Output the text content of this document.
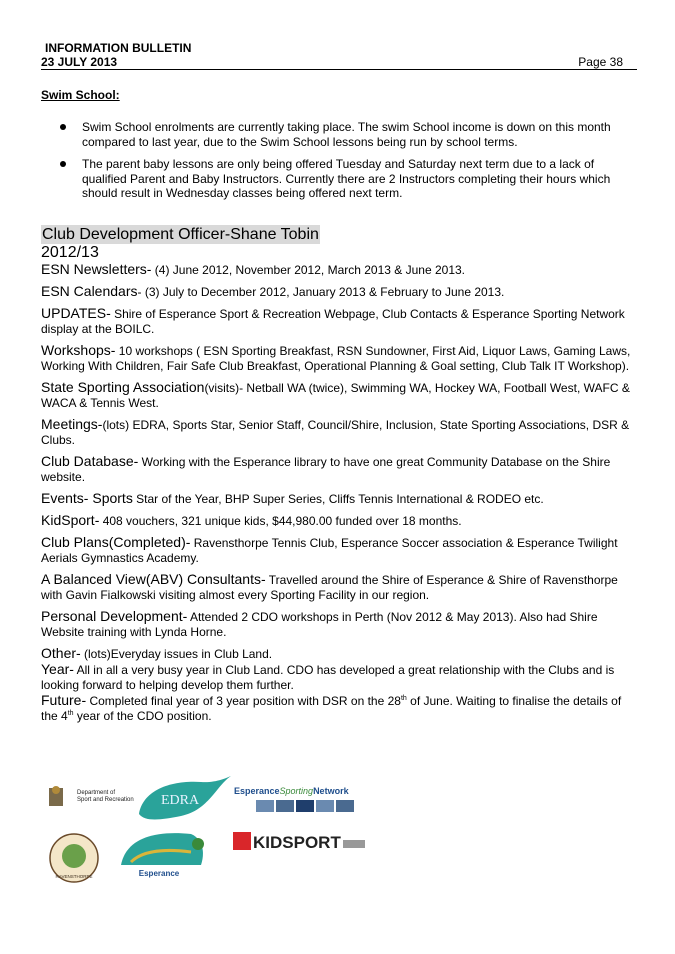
INFORMATION BULLETIN
23 JULY 2013	Page 38
Swim School:
Swim School enrolments are currently taking place. The swim School income is down on this month compared to last year, due to the Swim School lessons being run by school terms.
The parent baby lessons are only being offered Tuesday and Saturday next term due to a lack of qualified Parent and Baby Instructors. Currently there are 2 Instructors completing their hours which should result in Wednesday classes being offered next term.
Club Development Officer-Shane Tobin
2012/13
ESN Newsletters- (4) June 2012, November 2012, March 2013 & June 2013.
ESN Calendars- (3) July to December 2012, January 2013 & February to June 2013.
UPDATES- Shire of Esperance Sport & Recreation Webpage, Club Contacts & Esperance Sporting Network display at the BOILC.
Workshops- 10 workshops ( ESN Sporting Breakfast, RSN Sundowner, First Aid, Liquor Laws, Gaming Laws, Working With Children, Fair Safe Club Breakfast, Operational Planning & Goal setting, Club Talk IT Workshop).
State Sporting Association(visits)- Netball WA (twice), Swimming WA, Hockey WA, Football West, WAFC & WACA & Tennis West.
Meetings-(lots) EDRA, Sports Star, Senior Staff, Council/Shire, Inclusion, State Sporting Associations, DSR & Clubs.
Club Database- Working with the Esperance library to have one great Community Database on the Shire website.
Events- Sports Star of the Year, BHP Super Series, Cliffs Tennis International & RODEO etc.
KidSport- 408 vouchers, 321 unique kids, $44,980.00 funded over 18 months.
Club Plans(Completed)- Ravensthorpe Tennis Club, Esperance Soccer association & Esperance Twilight Aerials Gymnastics Academy.
A Balanced View(ABV) Consultants- Travelled around the Shire of Esperance & Shire of Ravensthorpe with Gavin Fialkowski visiting almost every Sporting Facility in our region.
Personal Development- Attended 2 CDO workshops in Perth (Nov 2012 & May 2013). Also had Shire Website training with Lynda Horne.
Other- (lots)Everyday issues in Club Land.
Year- All in all a very busy year in Club Land. CDO has developed a great relationship with the Clubs and is looking forward to helping develop them further.
Future- Completed final year of 3 year position with DSR on the 28th of June. Waiting to finalise the details of the 4th year of the CDO position.
Department of
Sport and Recreation EDRA
EsperanceSportingNetwork
RAVENSTHORPE	Esperance
KIDSPORT
